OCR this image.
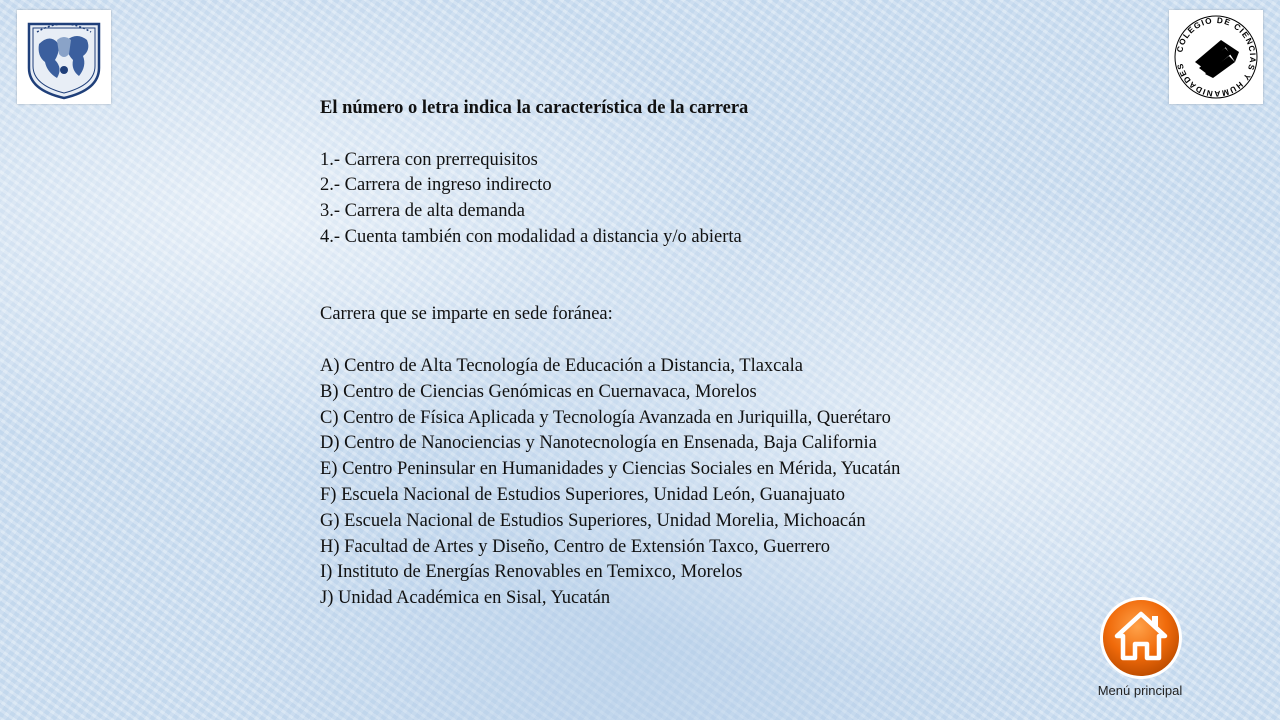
COLEGIO DE CIENCIAS Y HUMANIDADES
El número o letra indica la característica de la carrera
1.- Carrera con prerrequisitos
2.- Carrera de ingreso indirecto
3.- Carrera de alta demanda
4.- Cuenta también con modalidad a distancia y/o abierta
Carrera que se imparte en sede foránea:
A) Centro de Alta Tecnología de Educación a Distancia, Tlaxcala
B) Centro de Ciencias Genómicas en Cuernavaca, Morelos
C) Centro de Física Aplicada y Tecnología Avanzada en Juriquilla, Querétaro
D) Centro de Nanociencias y Nanotecnología en Ensenada, Baja California
E) Centro Peninsular en Humanidades y Ciencias Sociales en Mérida, Yucatán
F) Escuela Nacional de Estudios Superiores, Unidad León, Guanajuato
G) Escuela Nacional de Estudios Superiores, Unidad Morelia, Michoacán
H) Facultad de Artes y Diseño, Centro de Extensión Taxco, Guerrero
I) Instituto de Energías Renovables en Temixco, Morelos
J) Unidad Académica en Sisal, Yucatán
Menú principal
